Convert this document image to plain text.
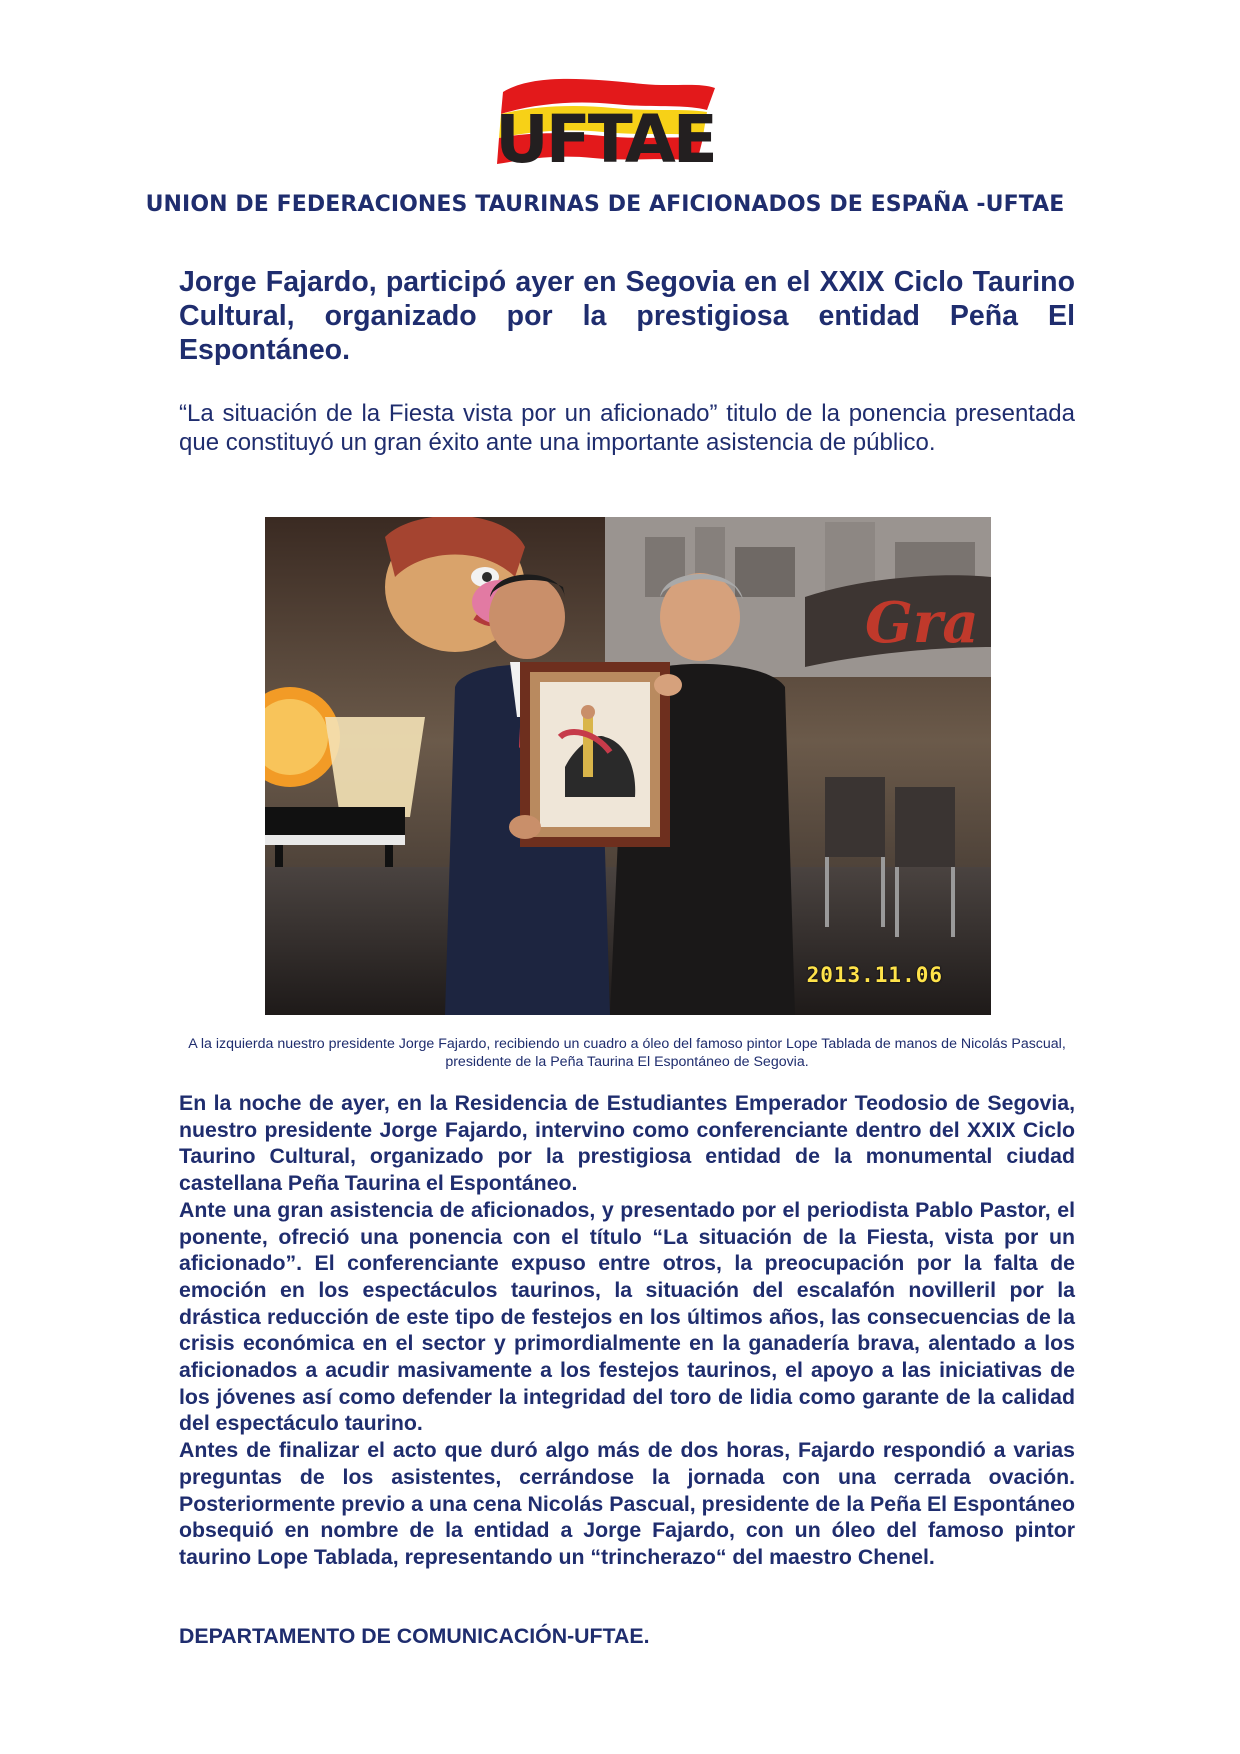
UFTAE
UNION DE FEDERACIONES TAURINAS DE AFICIONADOS DE ESPAÑA -UFTAE

Jorge Fajardo, participó ayer en Segovia en el XXIX Ciclo Taurino Cultural, organizado por la prestigiosa entidad Peña El Espontáneo.

“La situación de la Fiesta vista por un aficionado” titulo de la ponencia presentada que constituyó un gran éxito ante una importante asistencia de público.

Gra
2013.11.06

A la izquierda nuestro presidente Jorge Fajardo, recibiendo un cuadro a óleo del famoso pintor Lope Tablada de manos de Nicolás Pascual, presidente de la Peña Taurina El Espontáneo de Segovia.

En la noche de ayer, en la Residencia de Estudiantes Emperador Teodosio de Segovia, nuestro presidente Jorge Fajardo, intervino como conferenciante dentro del XXIX Ciclo Taurino Cultural, organizado por la prestigiosa entidad de la monumental ciudad castellana Peña Taurina el Espontáneo.

Ante una gran asistencia de aficionados, y presentado por el periodista Pablo Pastor, el ponente, ofreció una ponencia con el título “La situación de la Fiesta, vista por un aficionado”. El conferenciante expuso entre otros, la preocupación por la falta de emoción en los espectáculos taurinos, la situación del escalafón novilleril por la drástica reducción de este tipo de festejos en los últimos años, las consecuencias de la crisis económica en el sector y primordialmente en la ganadería brava, alentado a los aficionados a acudir masivamente a los festejos taurinos, el apoyo a las iniciativas de los jóvenes así como defender la integridad del toro de lidia como garante de la calidad del espectáculo taurino.

Antes de finalizar el acto que duró algo más de dos horas, Fajardo respondió a varias preguntas de los asistentes, cerrándose la jornada con una cerrada ovación. Posteriormente previo a una cena Nicolás Pascual, presidente de la Peña El Espontáneo obsequió en nombre de la entidad a Jorge Fajardo, con un óleo del famoso pintor taurino Lope Tablada, representando un “trincherazo“ del maestro Chenel.

DEPARTAMENTO DE COMUNICACIÓN-UFTAE.
